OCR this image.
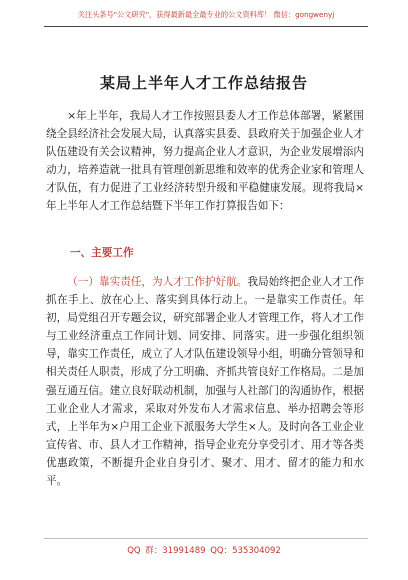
关注头条号"公文研究"，获得最新最全最专业的公文资料库！ 微信：gongwenyj
某局上半年人才工作总结报告
×年上半年，我局人才工作按照县委人才工作总体部署，紧紧围绕全县经济社会发展大局，认真落实县委、县政府关于加强企业人才队伍建设有关会议精神，努力提高企业人才意识，为企业发展增添内动力，培养造就一批具有管理创新思维和效率的优秀企业家和管理人才队伍，有力促进了工业经济转型升级和平稳健康发展。现将我局×年上半年人才工作总结暨下半年工作打算报告如下：
一、主要工作
（一）靠实责任，为人才工作护好航。我局始终把企业人才工作抓在手上、放在心上、落实到具体行动上。一是靠实工作责任。年初，局党组召开专题会议，研究部署企业人才管理工作，将人才工作与工业经济重点工作同计划、同安排、同落实。进一步强化组织领导，靠实工作责任，成立了人才队伍建设领导小组，明确分管领导和相关责任人职责，形成了分工明确、齐抓共管良好工作格局。二是加强互通互信。建立良好联动机制，加强与人社部门的沟通协作，根据工业企业人才需求，采取对外发布人才需求信息、举办招聘会等形式，上半年为×户用工企业下派服务大学生×人。及时向各工业企业宣传省、市、县人才工作精神，指导企业充分享受引才、用才等各类优惠政策，不断提升企业自身引才、聚才、用才、留才的能力和水平。
QQ 群：31991489 QQ：535304092
